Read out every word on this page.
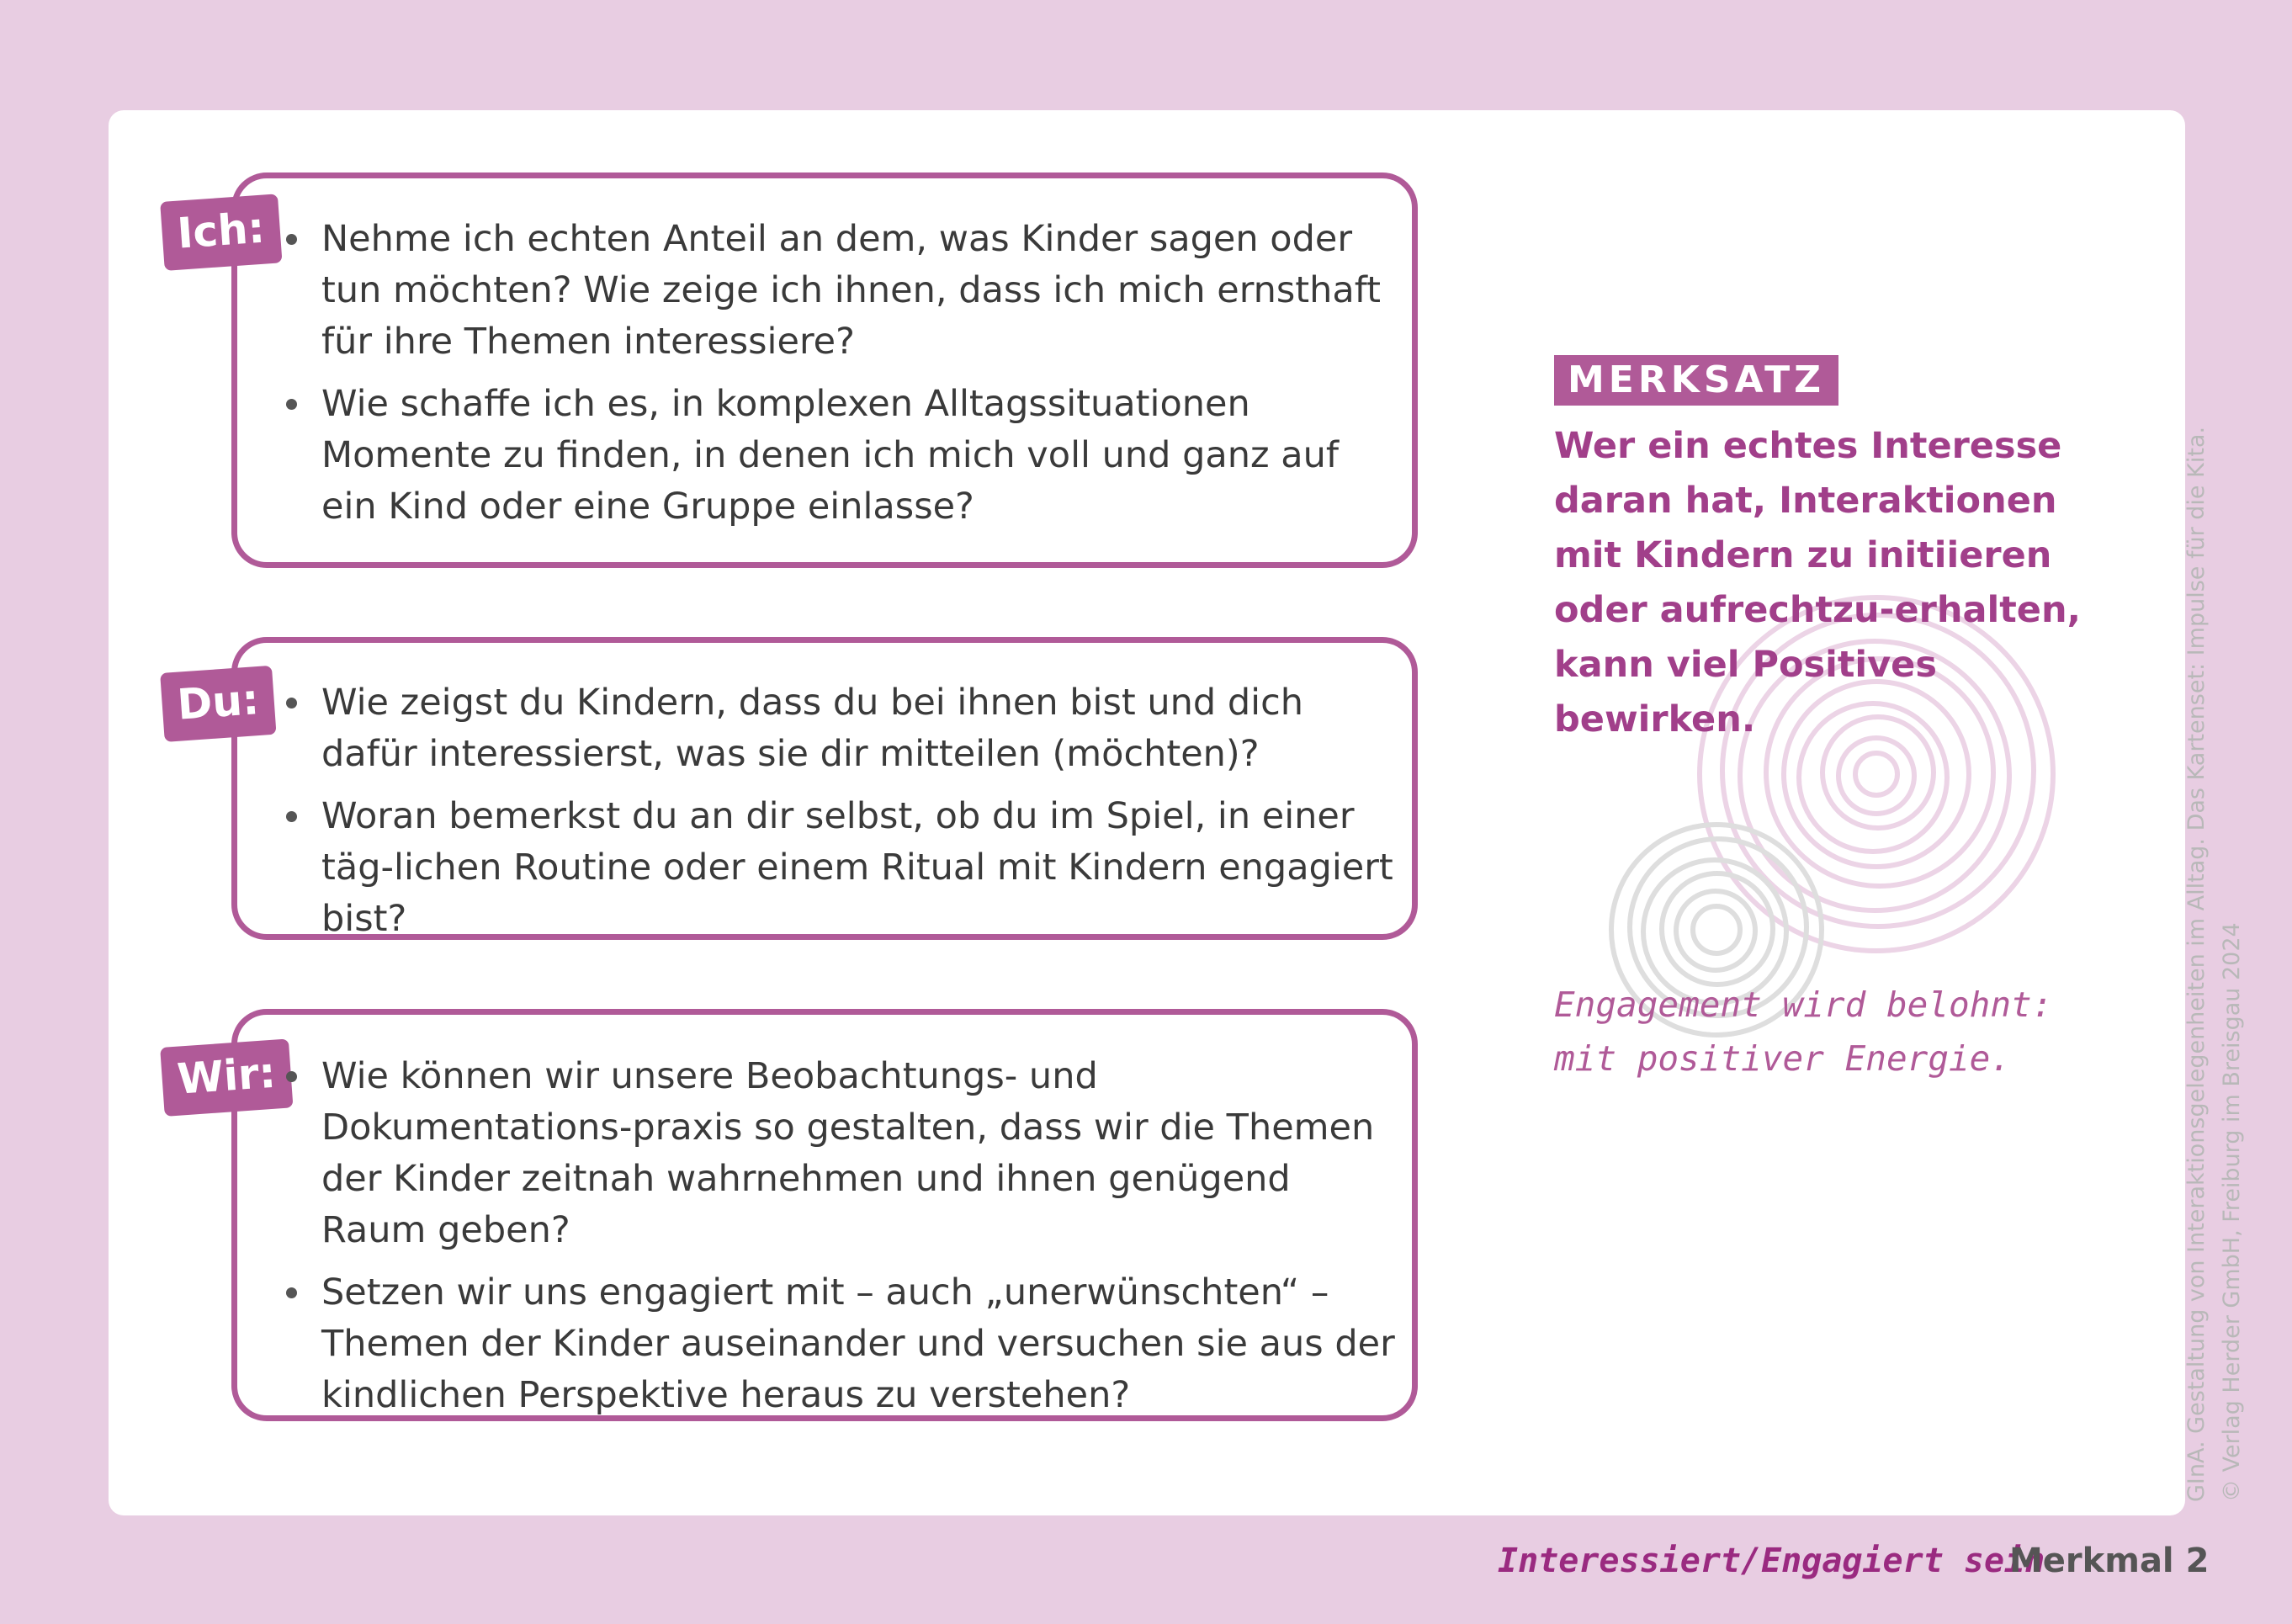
Ich:	Nehme ich echten Anteil an dem, was Kinder sagen oder tun möchten? Wie zeige ich ihnen, dass ich mich ernsthaft für ihre Themen interessiere?
Wie schaffe ich es, in komplexen Alltagssituationen Momente zu finden, in denen ich mich voll und ganz auf ein Kind oder eine Gruppe einlasse?
Du:	Wie zeigst du Kindern, dass du bei ihnen bist und dich dafür interessierst, was sie dir mitteilen (möchten)?
Woran bemerkst du an dir selbst, ob du im Spiel, in einer täg-lichen Routine oder einem Ritual mit Kindern engagiert bist?
Wir:	Wie können wir unsere Beobachtungs- und Dokumentations-praxis so gestalten, dass wir die Themen der Kinder zeitnah wahrnehmen und ihnen genügend Raum geben?
Setzen wir uns engagiert mit – auch „unerwünschten“ – Themen der Kinder auseinander und versuchen sie aus der kindlichen Perspektive heraus zu verstehen?
MERKSATZ
Wer ein echtes Interesse daran hat, Interaktionen mit Kindern zu initiieren oder aufrechtzu-erhalten, kann viel Positives bewirken.
Engagement wird belohnt:
mit positiver Energie.	GInA. Gestaltung von Interaktionsgelegenheiten im Alltag. Das Kartenset: Impulse für die Kita. © Verlag Herder GmbH, Freiburg im Breisgau 2024
Interessiert/Engagiert sein
Merkmal 2
